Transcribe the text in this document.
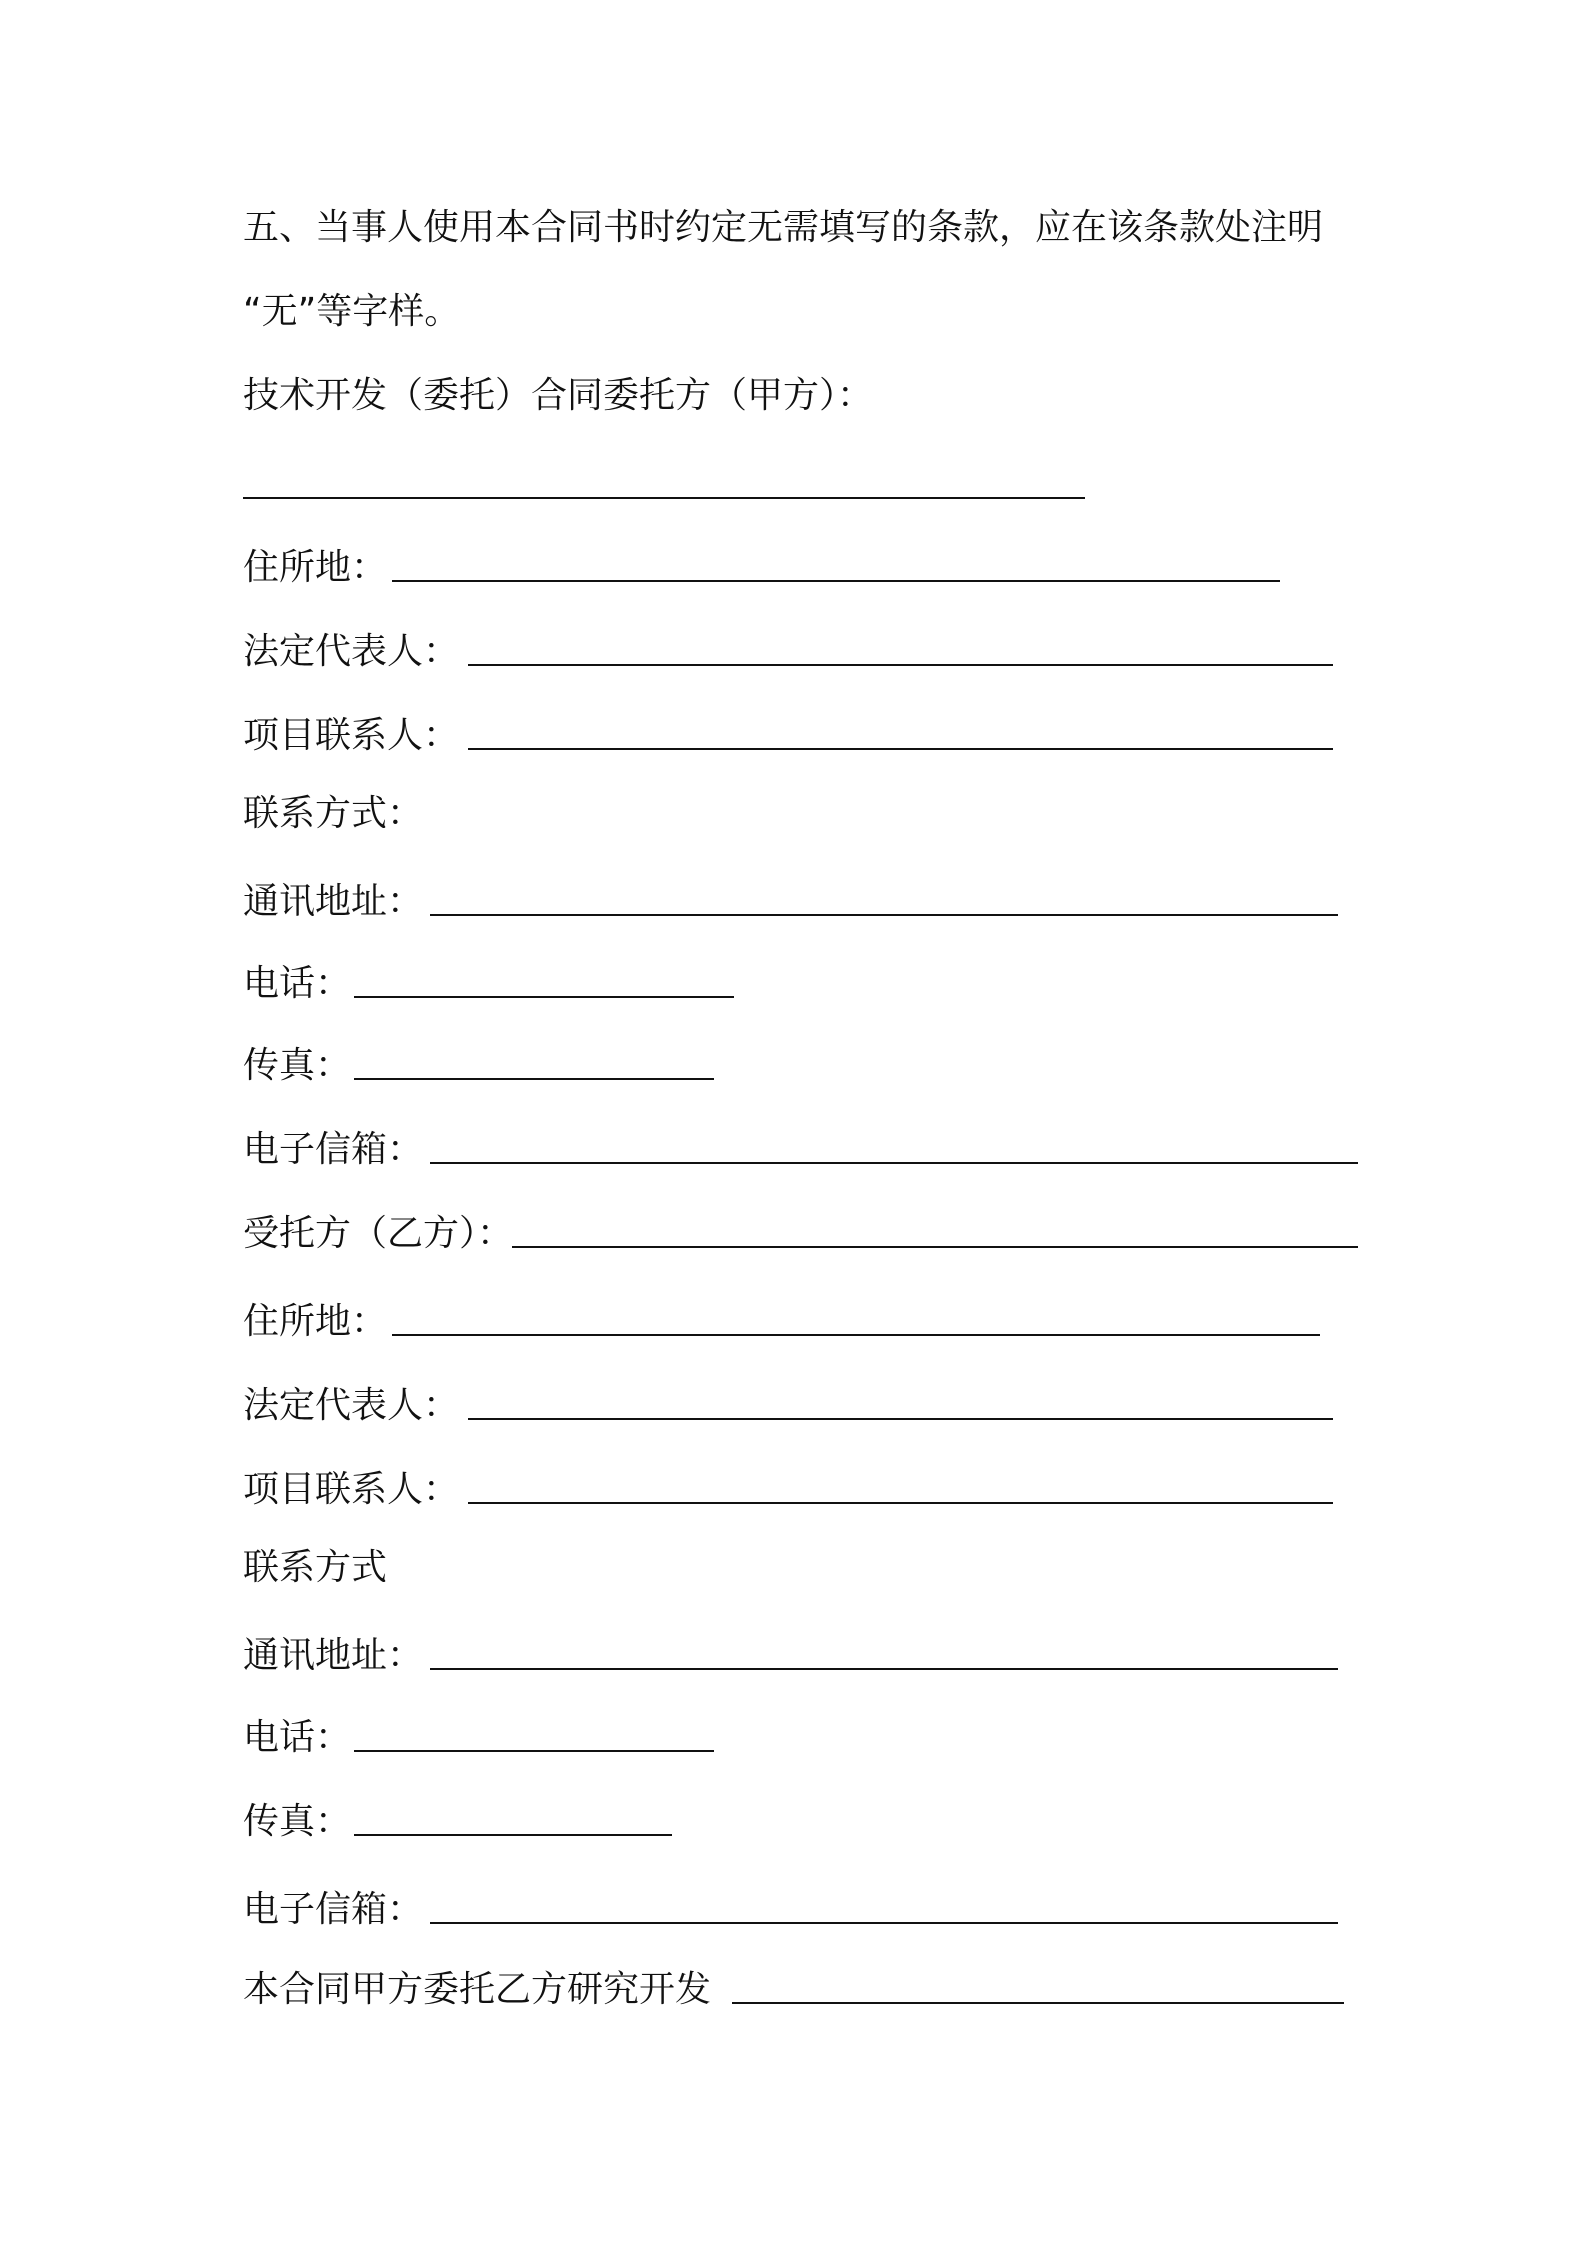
五、当事人使用本合同书时约定无需填写的条款，应在该条款处注明
“无”等字样。
技术开发（委托）合同委托方（甲方）：
住所地：
法定代表人：
项目联系人：
联系方式：
通讯地址：
电话：
传真：
电子信箱：
受托方（乙方）：
住所地：
法定代表人：
项目联系人：
联系方式
通讯地址：
电话：
传真：
电子信箱：
本合同甲方委托乙方研究开发
